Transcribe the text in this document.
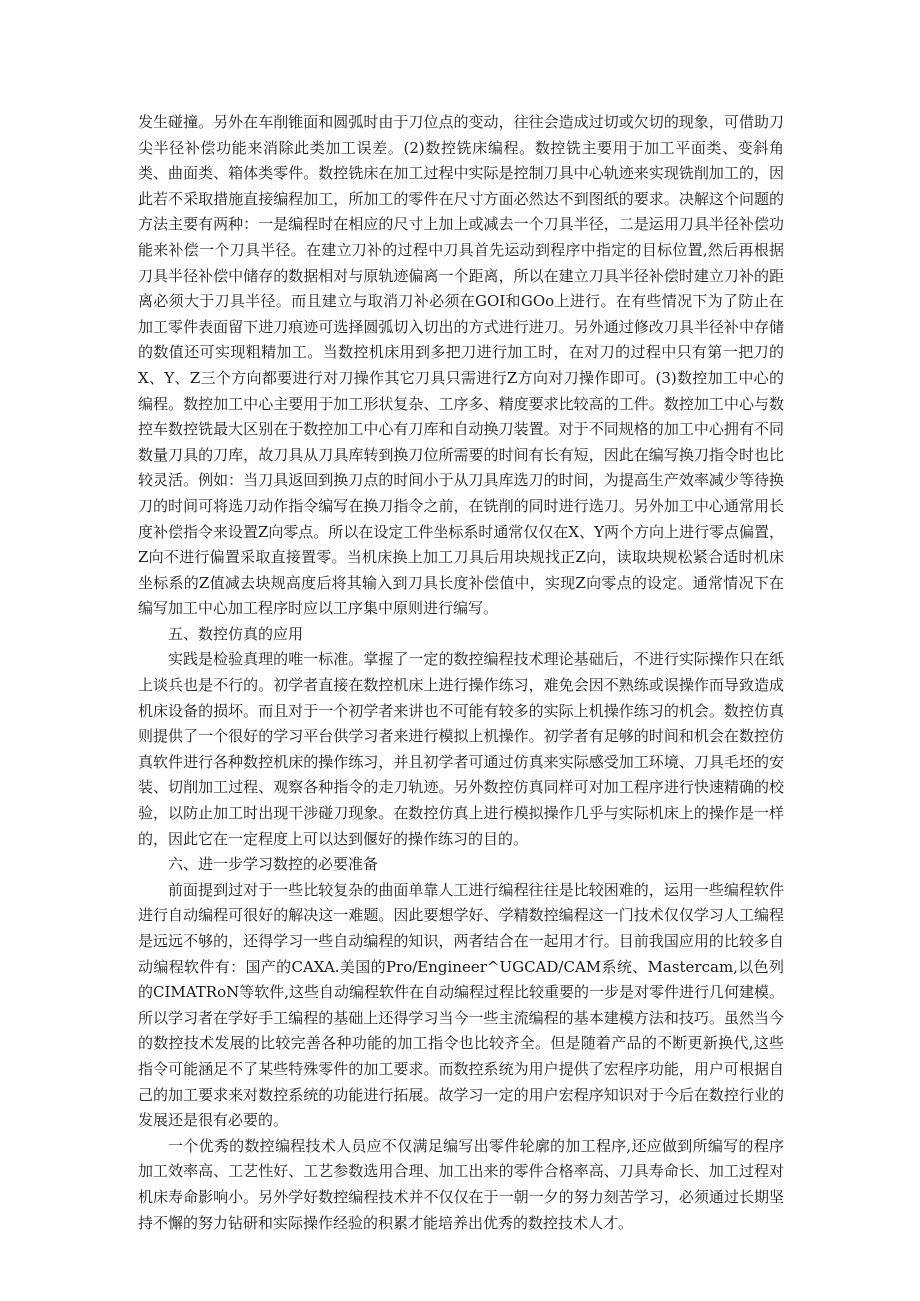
发生碰撞。另外在车削锥面和圆弧时由于刀位点的变动，往往会造成过切或欠切的现象，可借助刀尖半径补偿功能来消除此类加工误差。(2)数控铣床编程。数控铣主要用于加工平面类、变斜角类、曲面类、箱体类零件。数控铣床在加工过程中实际是控制刀具中心轨迹来实现铣削加工的，因此若不采取措施直接编程加工，所加工的零件在尺寸方面必然达不到图纸的要求。决解这个问题的方法主要有两种：一是编程时在相应的尺寸上加上或减去一个刀具半径，二是运用刀具半径补偿功能来补偿一个刀具半径。在建立刀补的过程中刀具首先运动到程序中指定的目标位置,然后再根据刀具半径补偿中储存的数据相对与原轨迹偏离一个距离，所以在建立刀具半径补偿时建立刀补的距离必须大于刀具半径。而且建立与取消刀补必须在GOI和GOo上进行。在有些情况下为了防止在加工零件表面留下进刀痕迹可选择圆弧切入切出的方式进行进刀。另外通过修改刀具半径补中存储的数值还可实现粗精加工。当数控机床用到多把刀进行加工时，在对刀的过程中只有第一把刀的X、Y、Z三个方向都要进行对刀操作其它刀具只需进行Z方向对刀操作即可。(3)数控加工中心的编程。数控加工中心主要用于加工形状复杂、工序多、精度要求比较高的工件。数控加工中心与数控车数控铣最大区别在于数控加工中心有刀库和自动换刀装置。对于不同规格的加工中心拥有不同数量刀具的刀库，故刀具从刀具库转到换刀位所需要的时间有长有短，因此在编写换刀指令时也比较灵活。例如：当刀具返回到换刀点的时间小于从刀具库选刀的时间，为提高生产效率减少等待换刀的时间可将选刀动作指令编写在换刀指令之前，在铣削的同时进行选刀。另外加工中心通常用长度补偿指令来设置Z向零点。所以在设定工件坐标系时通常仅仅在X、Y两个方向上进行零点偏置，Z向不进行偏置采取直接置零。当机床换上加工刀具后用块规找正Z向，读取块规松紧合适时机床坐标系的Z值减去块规高度后将其输入到刀具长度补偿值中，实现Z向零点的设定。通常情况下在编写加工中心加工程序时应以工序集中原则进行编写。

五、数控仿真的应用

实践是检验真理的唯一标准。掌握了一定的数控编程技术理论基础后，不进行实际操作只在纸上谈兵也是不行的。初学者直接在数控机床上进行操作练习，难免会因不熟练或误操作而导致造成机床设备的损坏。而且对于一个初学者来讲也不可能有较多的实际上机操作练习的机会。数控仿真则提供了一个很好的学习平台供学习者来进行模拟上机操作。初学者有足够的时间和机会在数控仿真软件进行各种数控机床的操作练习，并且初学者可通过仿真来实际感受加工环境、刀具毛坯的安装、切削加工过程、观察各种指令的走刀轨迹。另外数控仿真同样可对加工程序进行快速精确的校验，以防止加工时出现干涉碰刀现象。在数控仿真上进行模拟操作几乎与实际机床上的操作是一样的，因此它在一定程度上可以达到偃好的操作练习的目的。

六、进一步学习数控的必要准备

前面提到过对于一些比较复杂的曲面单靠人工进行编程往往是比较困难的，运用一些编程软件进行自动编程可很好的解决这一难题。因此要想学好、学精数控编程这一门技术仅仅学习人工编程是远远不够的，还得学习一些自动编程的知识，两者结合在一起用才行。目前我国应用的比较多自动编程软件有：国产的CAXA.美国的Pro/Engineer^UGCAD/CAM系统、Mastercam,以色列的CIMATRoN等软件,这些自动编程软件在自动编程过程比较重要的一步是对零件进行几何建模。所以学习者在学好手工编程的基础上还得学习当今一些主流编程的基本建模方法和技巧。虽然当今的数控技术发展的比较完善各种功能的加工指令也比较齐全。但是随着产品的不断更新换代,这些指令可能涵足不了某些特殊零件的加工要求。而数控系统为用户提供了宏程序功能，用户可根据自己的加工要求来对数控系统的功能进行拓展。故学习一定的用户宏程序知识对于今后在数控行业的发展还是很有必要的。

一个优秀的数控编程技术人员应不仅满足编写出零件轮廓的加工程序,还应做到所编写的程序加工效率高、工艺性好、工艺参数选用合理、加工出来的零件合格率高、刀具寿命长、加工过程对机床寿命影响小。另外学好数控编程技术并不仅仅在于一朝一夕的努力刻苦学习，必须通过长期坚持不懈的努力钻研和实际操作经验的积累才能培养出优秀的数控技术人才。
